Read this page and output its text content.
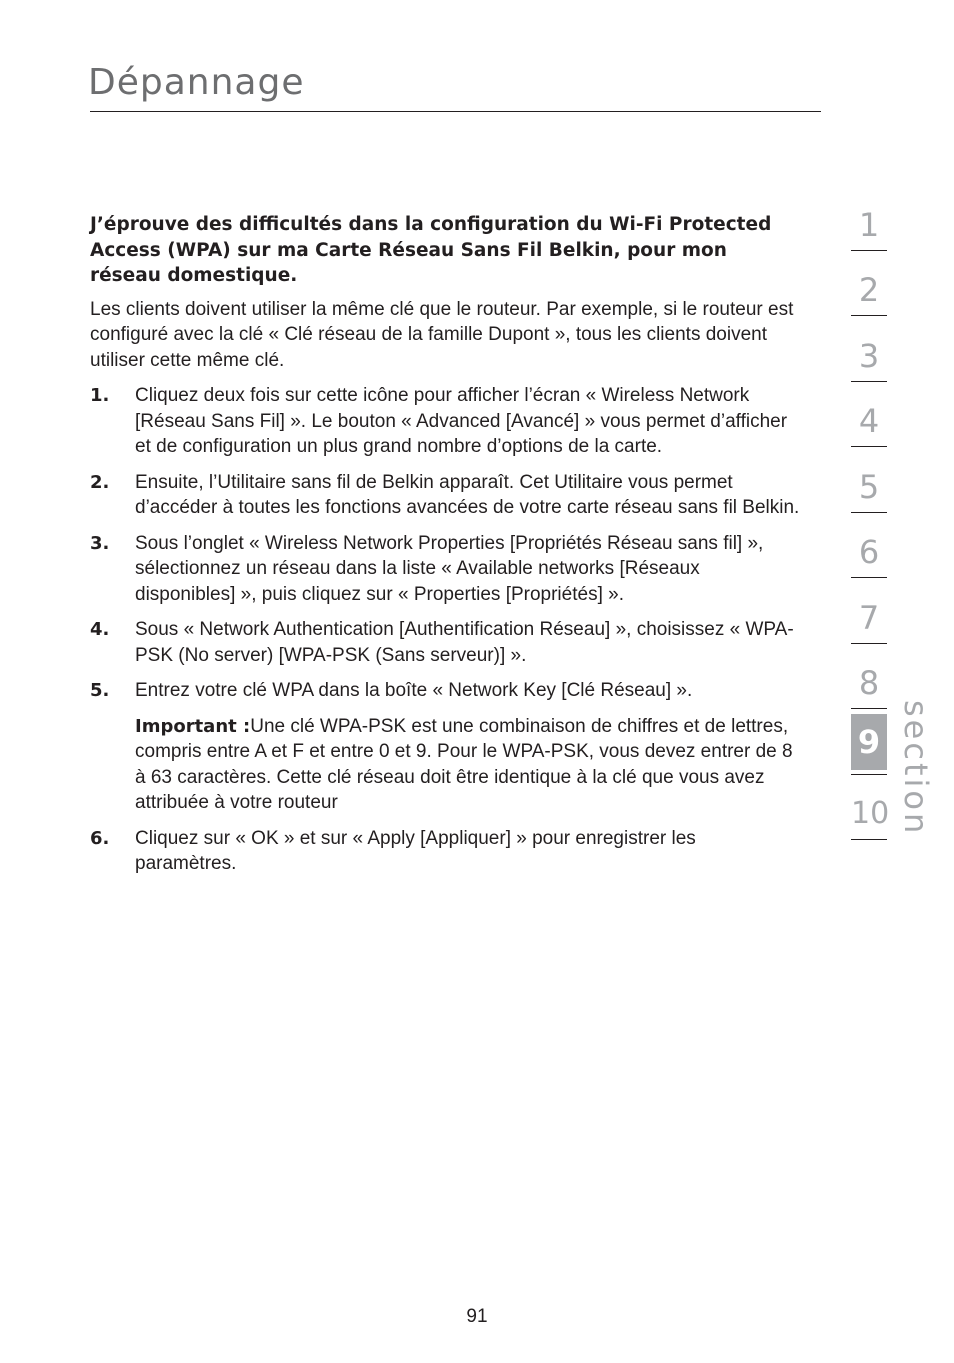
Dépannage
J’éprouve des difficultés dans la configuration du Wi-Fi Protected Access (WPA) sur ma Carte Réseau Sans Fil Belkin, pour mon réseau domestique.

Les clients doivent utiliser la même clé que le routeur. Par exemple, si le routeur est configuré avec la clé « Clé réseau de la famille Dupont », tous les clients doivent utiliser cette même clé.

1.	Cliquez deux fois sur cette icône pour afficher l’écran « Wireless Network [Réseau Sans Fil] ». Le bouton « Advanced [Avancé] » vous permet d’afficher et de configuration un plus grand nombre d’options de la carte.

2.	Ensuite, l’Utilitaire sans fil de Belkin apparaît. Cet Utilitaire vous permet d’accéder à toutes les fonctions avancées de votre carte réseau sans fil Belkin.

3.	Sous l’onglet « Wireless Network Properties [Propriétés Réseau sans fil] », sélectionnez un réseau dans la liste « Available networks [Réseaux disponibles] », puis cliquez sur « Properties [Propriétés] ».

4.	Sous « Network Authentication [Authentification Réseau] », choisissez « WPA-PSK (No server) [WPA-PSK (Sans serveur)] ».

5.	Entrez votre clé WPA dans la boîte « Network Key [Clé Réseau] ».

Important :Une clé WPA-PSK est une combinaison de chiffres et de lettres, compris entre A et F et entre 0 et 9. Pour le WPA-PSK, vous devez entrer de 8 à 63 caractères. Cette clé réseau doit être identique à la clé que vous avez attribuée à votre routeur

6.	Cliquez sur « OK » et sur « Apply [Appliquer] » pour enregistrer les paramètres.

1
2
3
4
5
6
7
8
9
10 section
91
